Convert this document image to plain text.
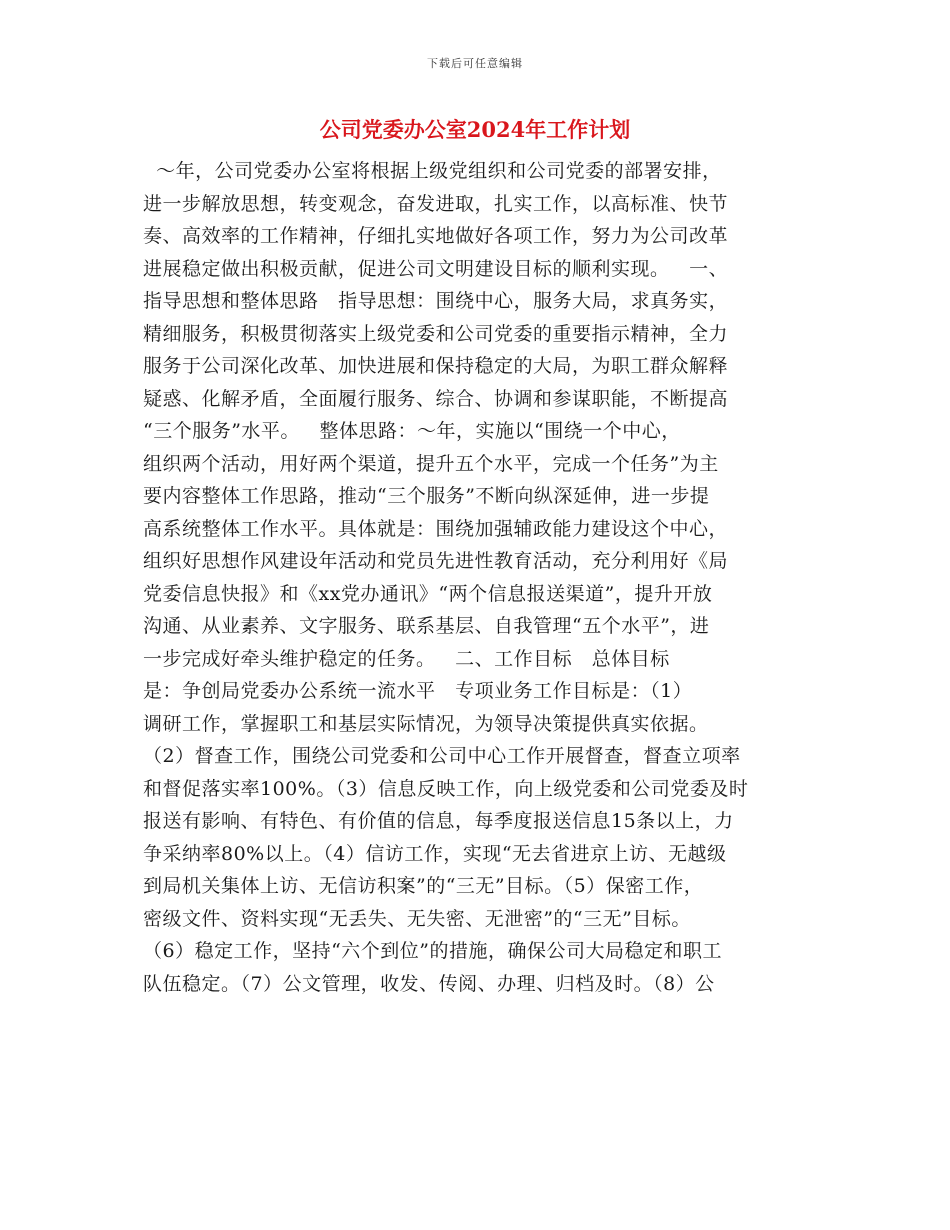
下载后可任意编辑
公司党委办公室2024年工作计划
～年，公司党委办公室将根据上级党组织和公司党委的部署安排，
进一步解放思想，转变观念，奋发进取，扎实工作，以高标准、快节
奏、高效率的工作精神，仔细扎实地做好各项工作，努力为公司改革
进展稳定做出积极贡献，促进公司文明建设目标的顺利实现。   一、
指导思想和整体思路   指导思想：围绕中心，服务大局，求真务实，
精细服务，积极贯彻落实上级党委和公司党委的重要指示精神，全力
服务于公司深化改革、加快进展和保持稳定的大局，为职工群众解释
疑惑、化解矛盾，全面履行服务、综合、协调和参谋职能，不断提高
“三个服务”水平。   整体思路：～年，实施以“围绕一个中心，
组织两个活动，用好两个渠道，提升五个水平，完成一个任务”为主
要内容整体工作思路，推动“三个服务”不断向纵深延伸，进一步提
高系统整体工作水平。具体就是：围绕加强辅政能力建设这个中心，
组织好思想作风建设年活动和党员先进性教育活动，充分利用好《局
党委信息快报》和《xx党办通讯》“两个信息报送渠道”，提升开放
沟通、从业素养、文字服务、联系基层、自我管理“五个水平”，进
一步完成好牵头维护稳定的任务。   二、工作目标   总体目标
是：争创局党委办公系统一流水平   专项业务工作目标是：（1）
调研工作，掌握职工和基层实际情况，为领导决策提供真实依据。
（2）督查工作，围绕公司党委和公司中心工作开展督查，督查立项率
和督促落实率100%。（3）信息反映工作，向上级党委和公司党委及时
报送有影响、有特色、有价值的信息，每季度报送信息15条以上，力
争采纳率80%以上。（4）信访工作，实现“无去省进京上访、无越级
到局机关集体上访、无信访积案”的“三无”目标。（5）保密工作，
密级文件、资料实现“无丢失、无失密、无泄密”的“三无”目标。
（6）稳定工作，坚持“六个到位”的措施，确保公司大局稳定和职工
队伍稳定。（7）公文管理，收发、传阅、办理、归档及时。（8）公
